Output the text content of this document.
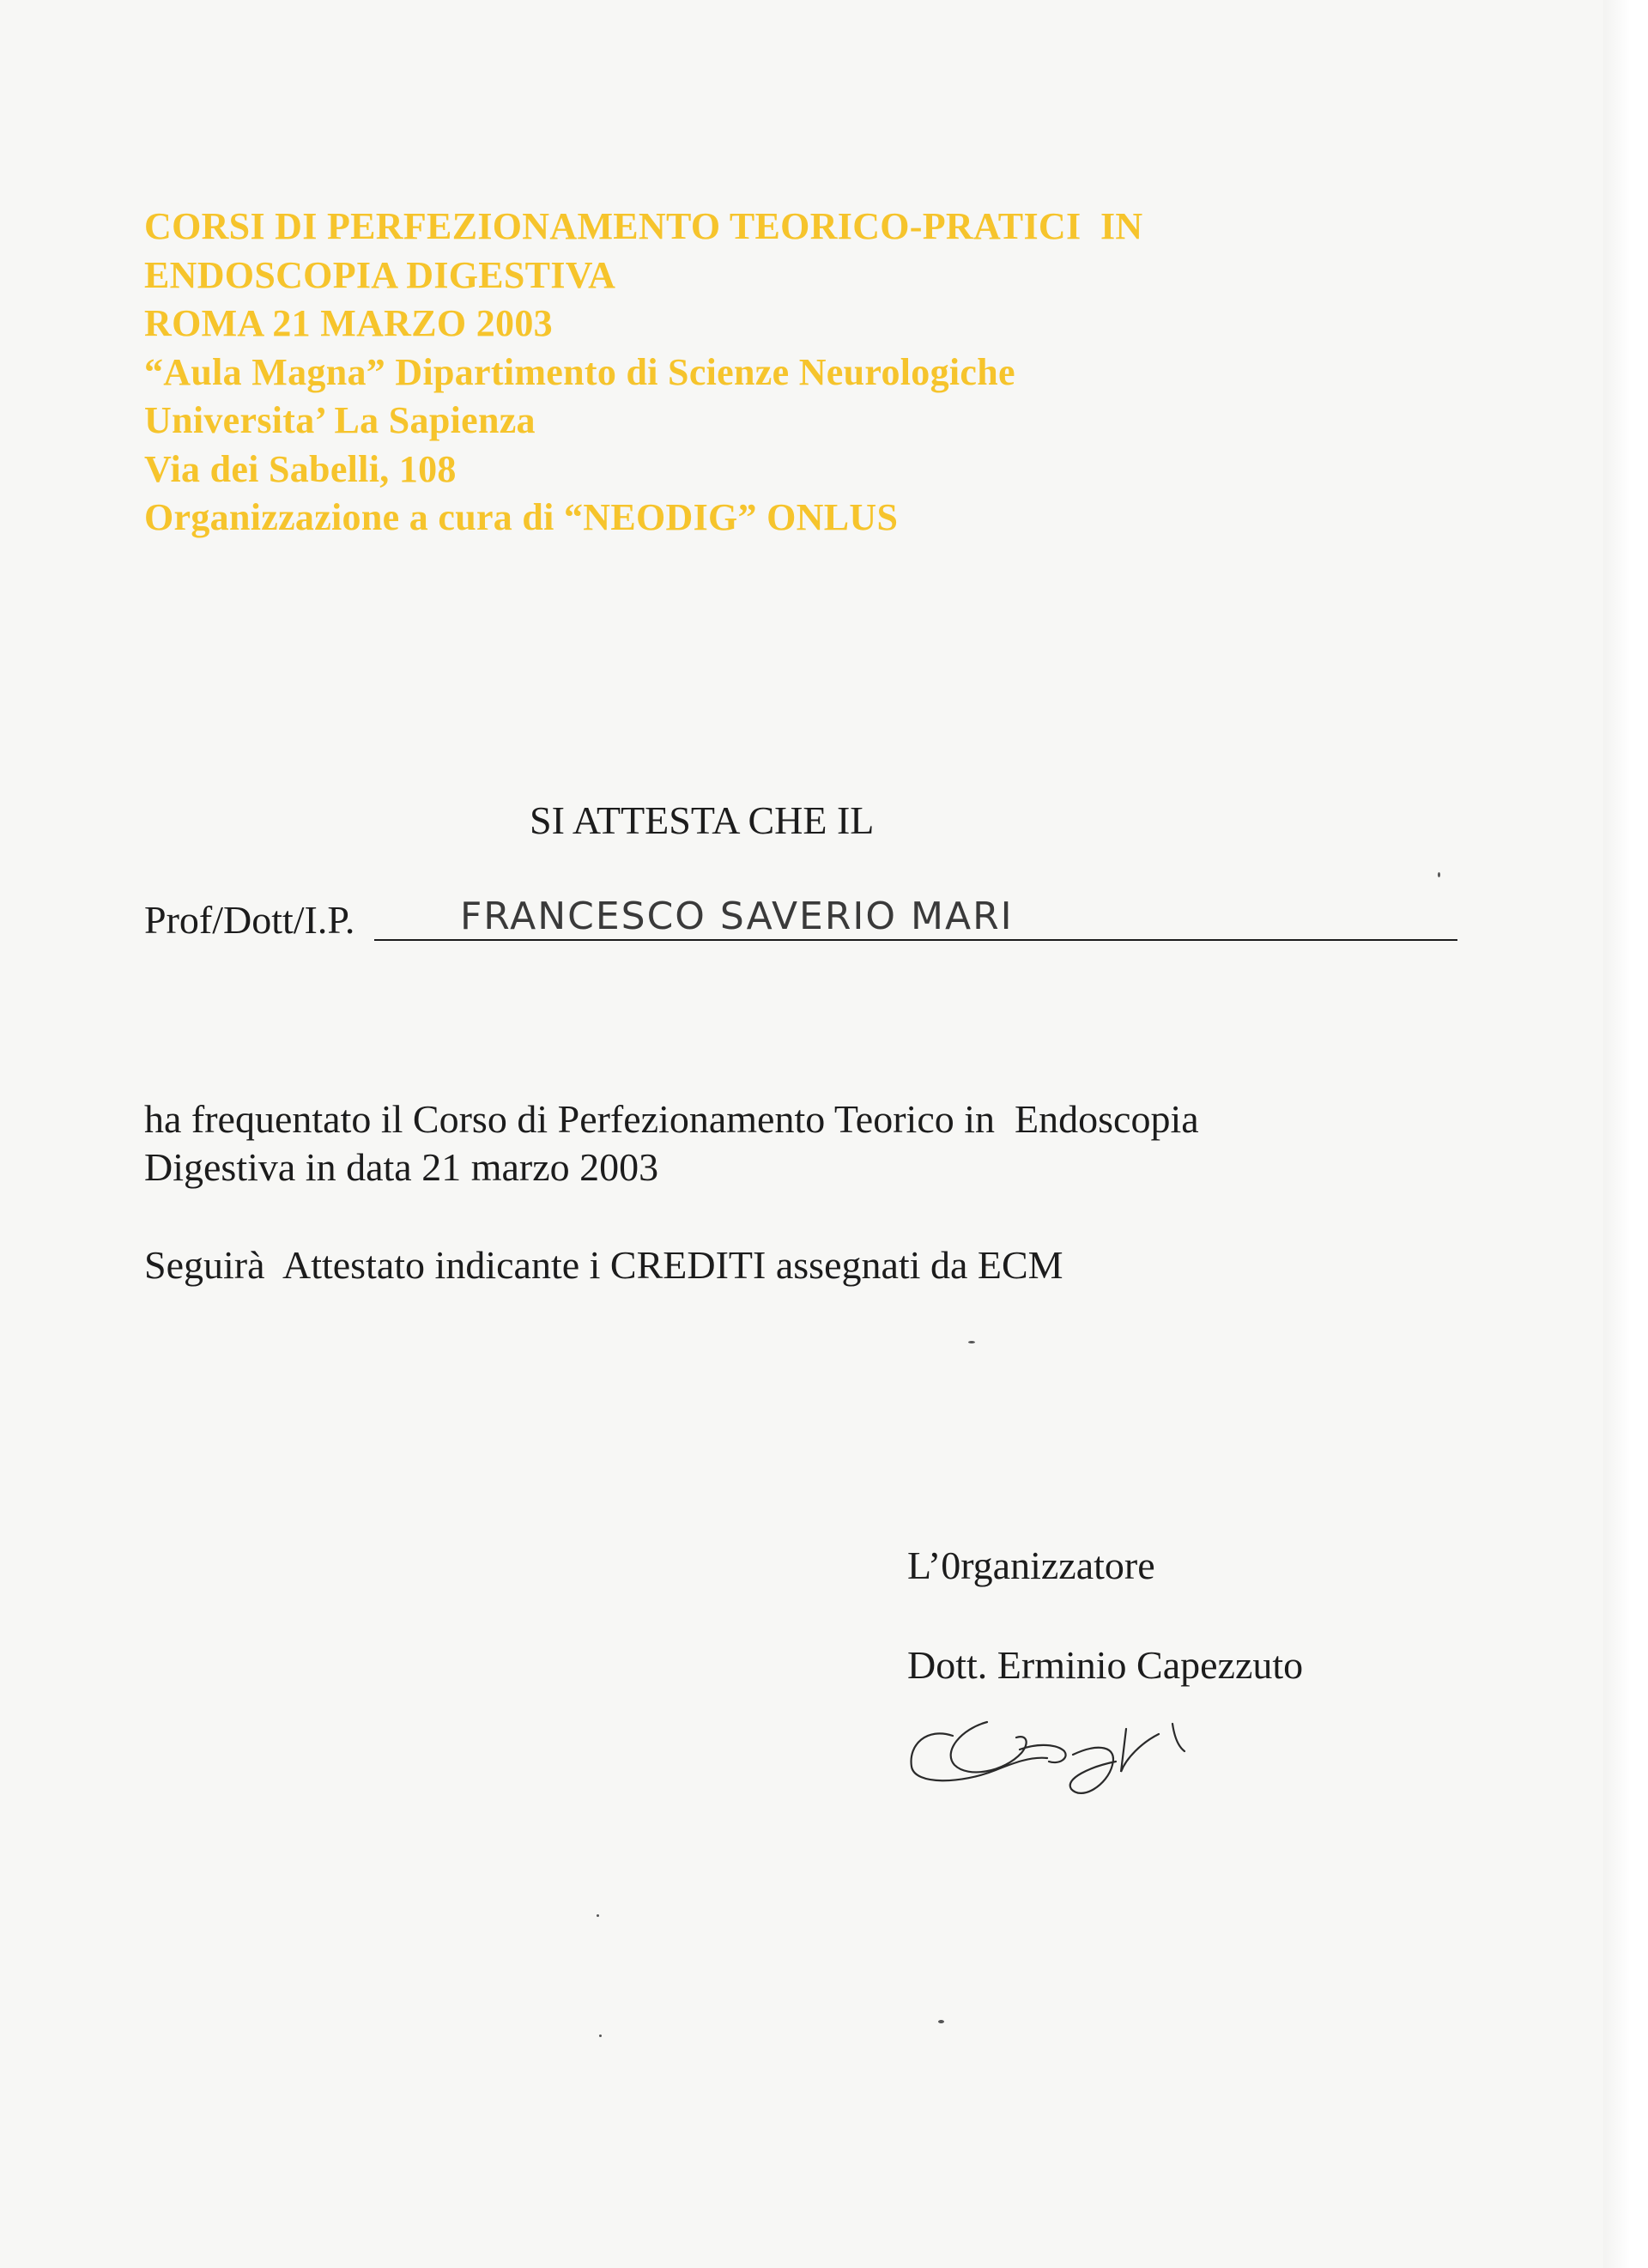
CORSI DI PERFEZIONAMENTO TEORICO-PRATICI  IN
ENDOSCOPIA DIGESTIVA
ROMA 21 MARZO 2003
“Aula Magna” Dipartimento di Scienze Neurologiche
Universita’ La Sapienza
Via dei Sabelli, 108
Organizzazione a cura di “NEODIG” ONLUS
SI ATTESTA CHE IL
Prof/Dott/I.P.	FRANCESCO SAVERIO MARI
ha frequentato il Corso di Perfezionamento Teorico in  Endoscopia
Digestiva in data 21 marzo 2003
Seguirà  Attestato indicante i CREDITI assegnati da ECM
L’0rganizzatore
Dott. Erminio Capezzuto
